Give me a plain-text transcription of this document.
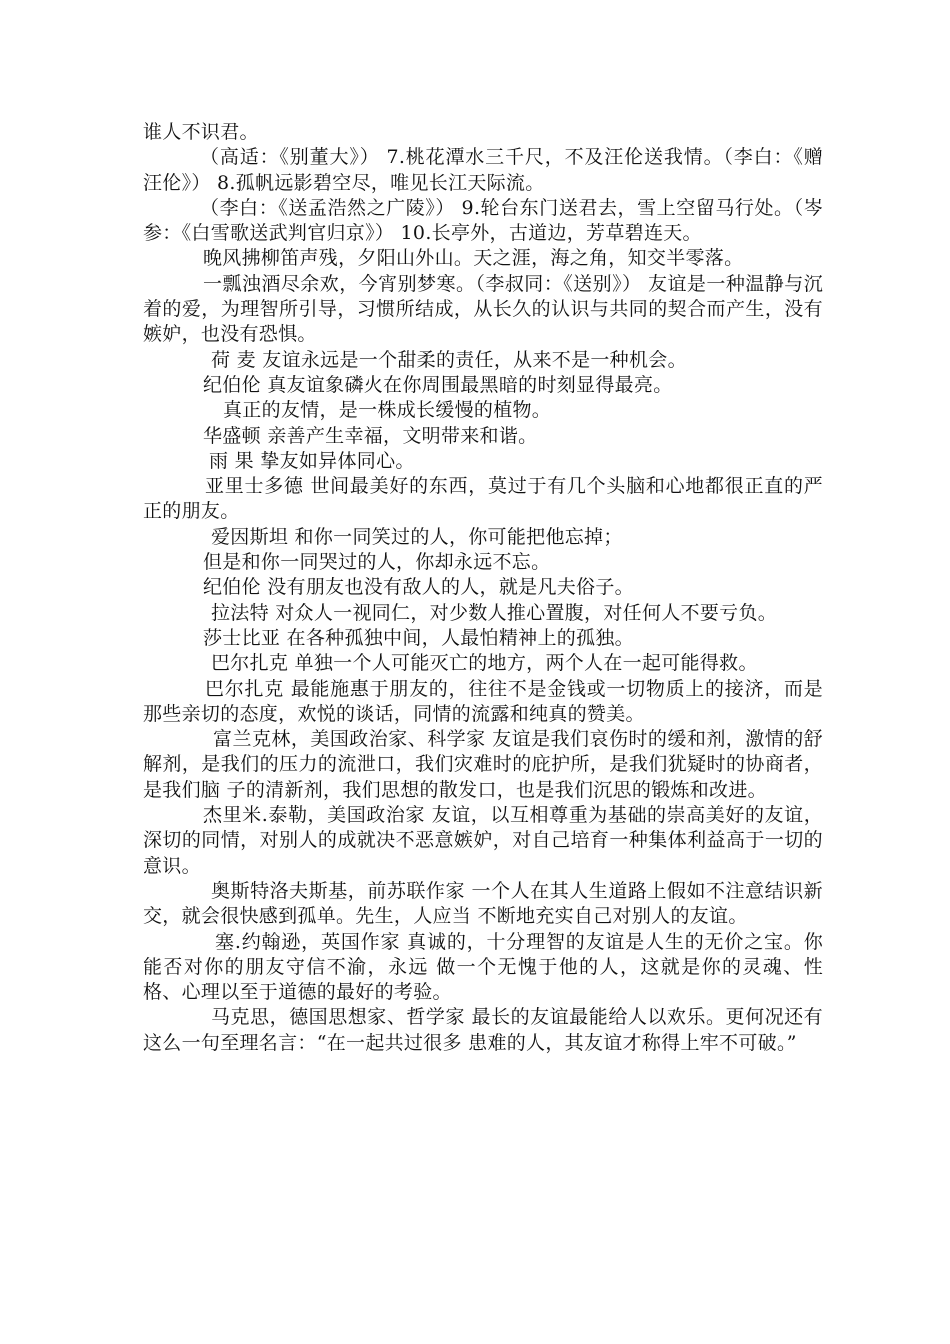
谁人不识君。

（高适：《别董大》） 7.桃花潭水三千尺，不及汪伦送我情。（李白：《赠汪伦》） 8.孤帆远影碧空尽，唯见长江天际流。

（李白：《送孟浩然之广陵》） 9.轮台东门送君去，雪上空留马行处。（岑参：《白雪歌送武判官归京》） 10.长亭外，古道边，芳草碧连天。

晚风拂柳笛声残，夕阳山外山。天之涯，海之角，知交半零落。

一瓢浊酒尽余欢，今宵别梦寒。（李叔同：《送别》） 友谊是一种温静与沉着的爱，为理智所引导，习惯所结成，从长久的认识与共同的契合而产生，没有嫉妒，也没有恐惧。

荷 麦 友谊永远是一个甜柔的责任，从来不是一种机会。

纪伯伦 真友谊象磷火在你周围最黑暗的时刻显得最亮。

真正的友情，是一株成长缓慢的植物。

华盛顿 亲善产生幸福，文明带来和谐。

雨 果 挚友如异体同心。

亚里士多德 世间最美好的东西，莫过于有几个头脑和心地都很正直的严正的朋友。

爱因斯坦 和你一同笑过的人，你可能把他忘掉；

但是和你一同哭过的人，你却永远不忘。

纪伯伦 没有朋友也没有敌人的人，就是凡夫俗子。

拉法特 对众人一视同仁，对少数人推心置腹，对任何人不要亏负。

莎士比亚 在各种孤独中间，人最怕精神上的孤独。

巴尔扎克 单独一个人可能灭亡的地方，两个人在一起可能得救。

巴尔扎克 最能施惠于朋友的，往往不是金钱或一切物质上的接济，而是那些亲切的态度，欢悦的谈话，同情的流露和纯真的赞美。

富兰克林，美国政治家、科学家 友谊是我们哀伤时的缓和剂，激情的舒解剂，是我们的压力的流泄口，我们灾难时的庇护所，是我们犹疑时的协商者，是我们脑 子的清新剂，我们思想的散发口，也是我们沉思的锻炼和改进。

杰里米.泰勒，美国政治家 友谊，以互相尊重为基础的崇高美好的友谊，深切的同情，对别人的成就决不恶意嫉妒，对自己培育一种集体利益高于一切的意识。

奥斯特洛夫斯基，前苏联作家 一个人在其人生道路上假如不注意结识新交，就会很快感到孤单。先生，人应当 不断地充实自己对别人的友谊。

塞.约翰逊，英国作家 真诚的，十分理智的友谊是人生的无价之宝。你能否对你的朋友守信不渝，永远 做一个无愧于他的人，这就是你的灵魂、性格、心理以至于道德的最好的考验。

马克思，德国思想家、哲学家 最长的友谊最能给人以欢乐。更何况还有这么一句至理名言：“在一起共过很多 患难的人，其友谊才称得上牢不可破。”
